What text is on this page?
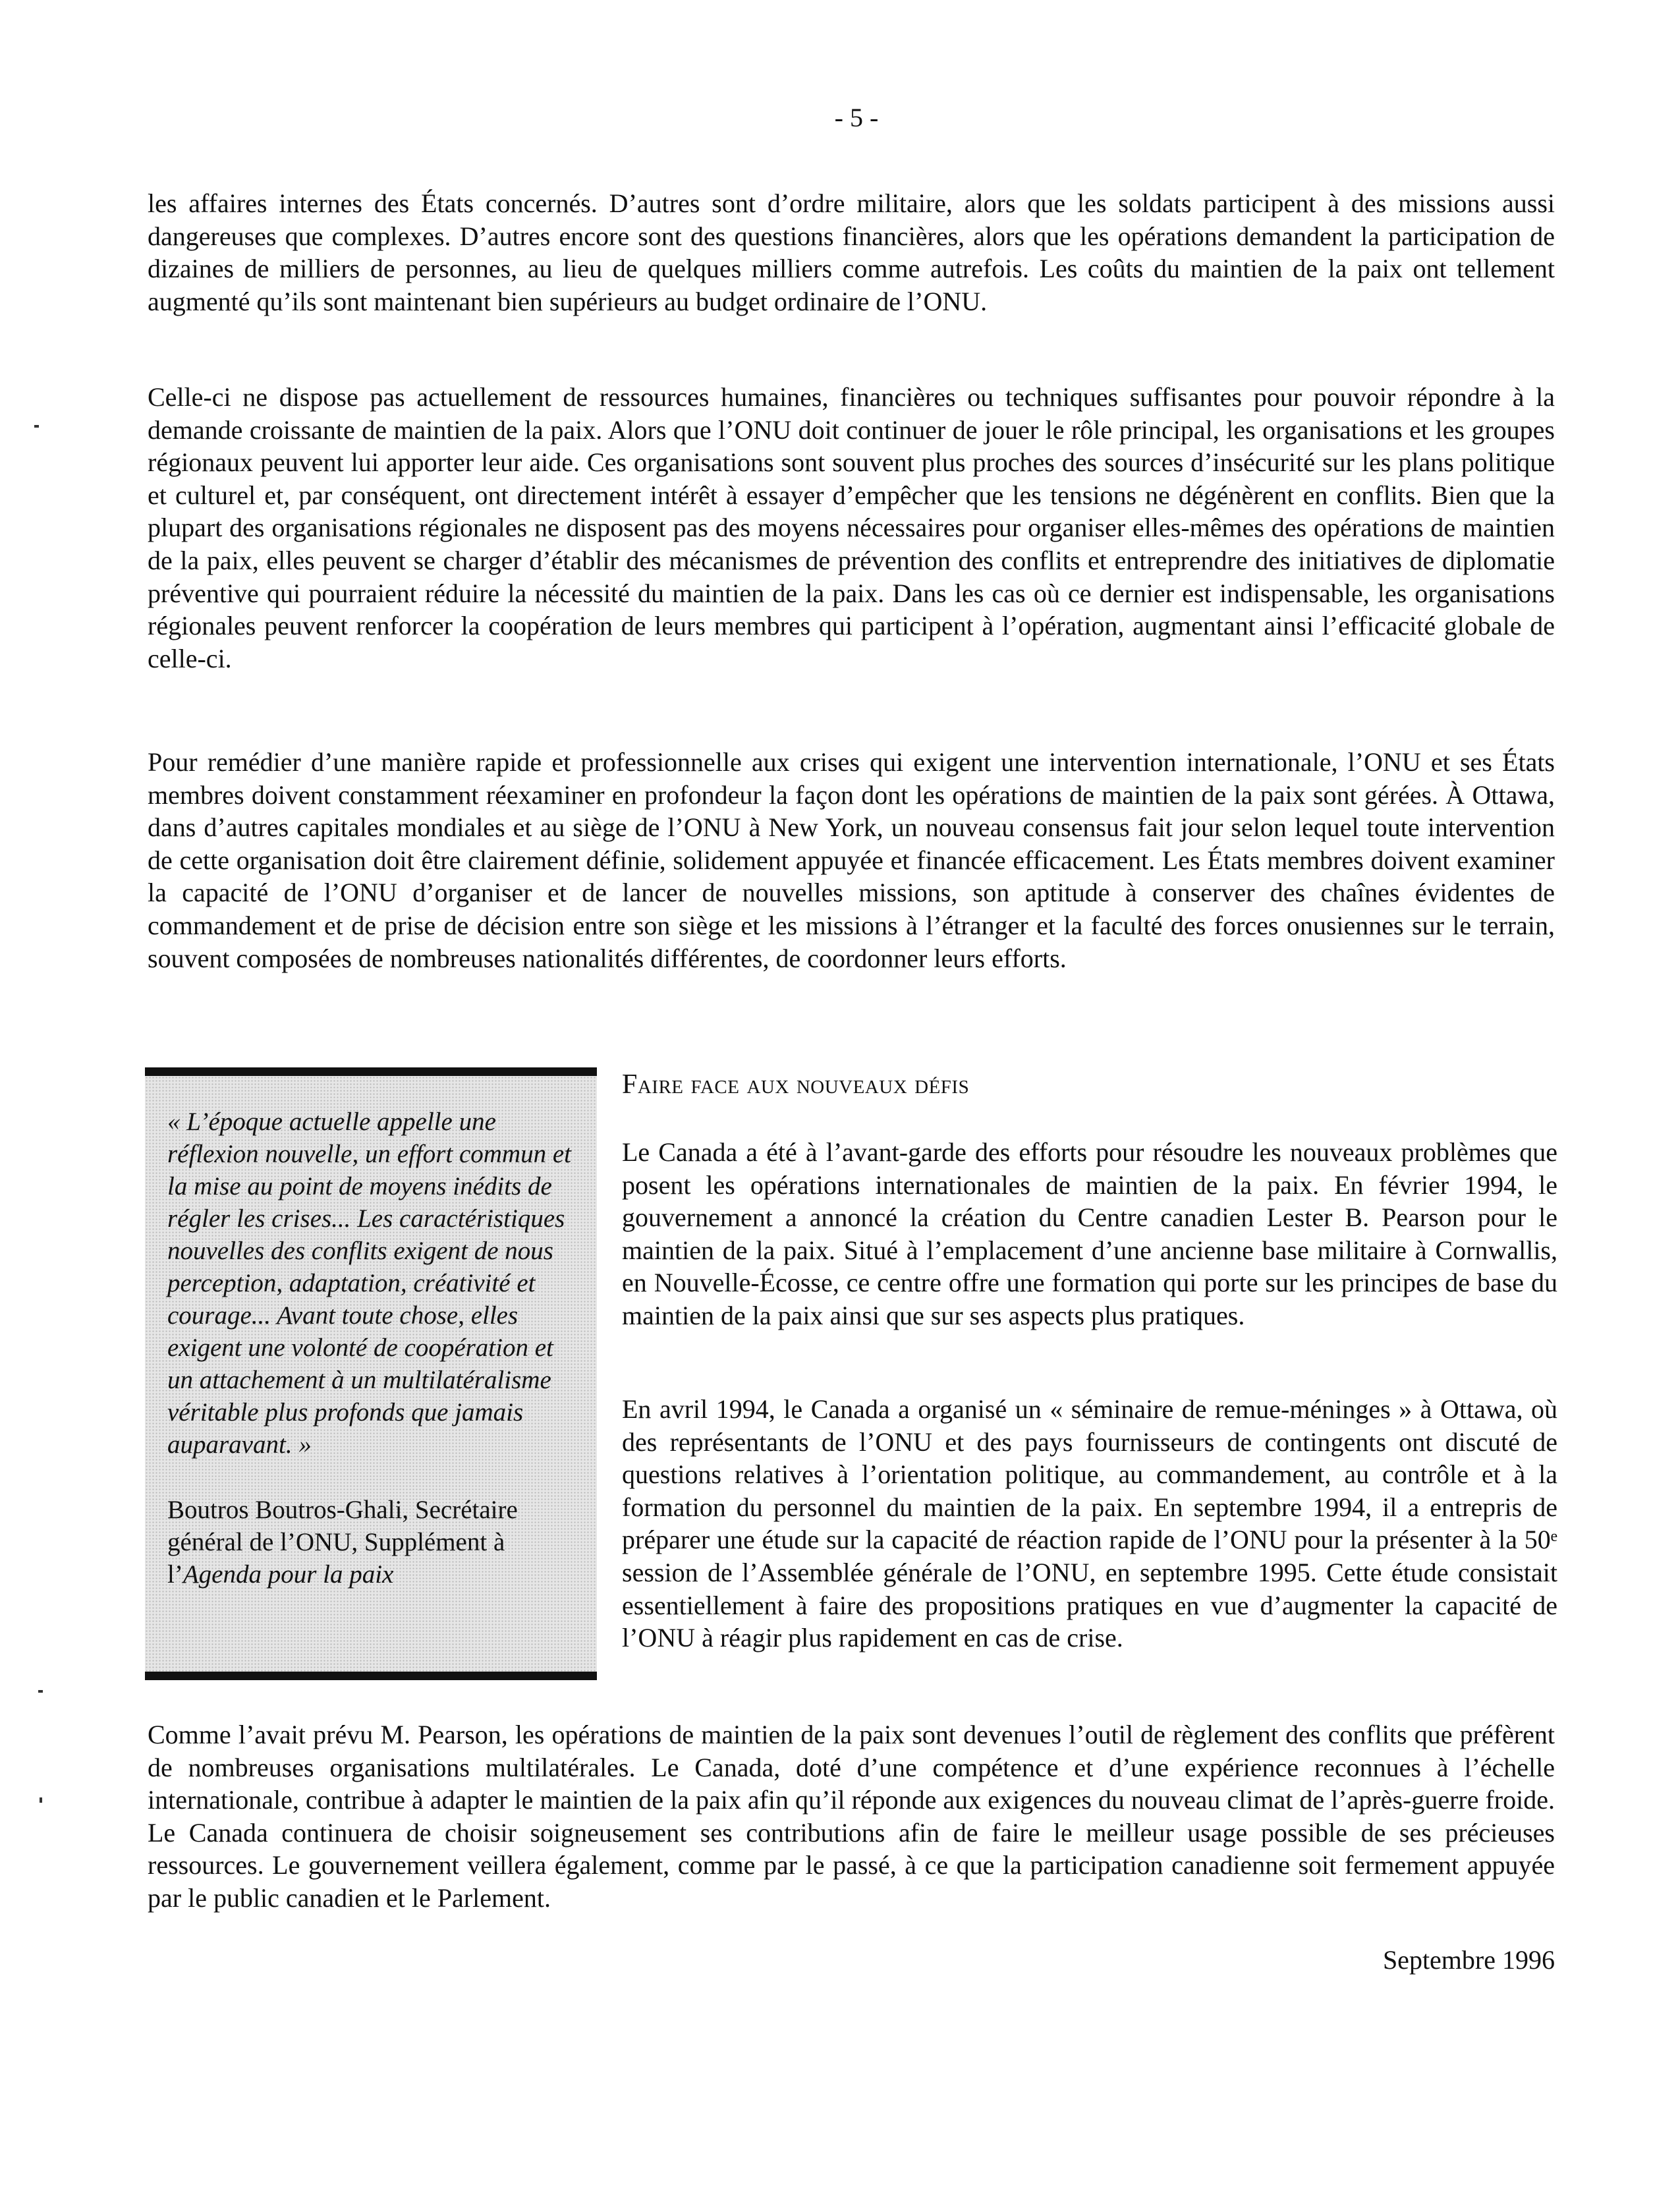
- 5 -

les affaires internes des États concernés. D’autres sont d’ordre militaire, alors que les soldats participent à des missions aussi dangereuses que complexes. D’autres encore sont des questions financières, alors que les opérations demandent la participation de dizaines de milliers de personnes, au lieu de quelques milliers comme autrefois. Les coûts du maintien de la paix ont tellement augmenté qu’ils sont maintenant bien supérieurs au budget ordinaire de l’ONU.

Celle-ci ne dispose pas actuellement de ressources humaines, financières ou techniques suffisantes pour pouvoir répondre à la demande croissante de maintien de la paix. Alors que l’ONU doit continuer de jouer le rôle principal, les organisations et les groupes régionaux peuvent lui apporter leur aide. Ces organisations sont souvent plus proches des sources d’insécurité sur les plans politique et culturel et, par conséquent, ont directement intérêt à essayer d’empêcher que les tensions ne dégénèrent en conflits. Bien que la plupart des organisations régionales ne disposent pas des moyens nécessaires pour organiser elles-mêmes des opérations de maintien de la paix, elles peuvent se charger d’établir des mécanismes de prévention des conflits et entreprendre des initiatives de diplomatie préventive qui pourraient réduire la nécessité du maintien de la paix. Dans les cas où ce dernier est indispensable, les organisations régionales peuvent renforcer la coopération de leurs membres qui participent à l’opération, augmentant ainsi l’efficacité globale de celle-ci.

Pour remédier d’une manière rapide et professionnelle aux crises qui exigent une intervention internationale, l’ONU et ses États membres doivent constamment réexaminer en profondeur la façon dont les opérations de maintien de la paix sont gérées. À Ottawa, dans d’autres capitales mondiales et au siège de l’ONU à New York, un nouveau consensus fait jour selon lequel toute intervention de cette organisation doit être clairement définie, solidement appuyée et financée efficacement. Les États membres doivent examiner la capacité de l’ONU d’organiser et de lancer de nouvelles missions, son aptitude à conserver des chaînes évidentes de commandement et de prise de décision entre son siège et les missions à l’étranger et la faculté des forces onusiennes sur le terrain, souvent composées de nombreuses nationalités différentes, de coordonner leurs efforts.

« L’époque actuelle appelle une réflexion nouvelle, un effort commun et la mise au point de moyens inédits de régler les crises... Les caractéristiques nouvelles des conflits exigent de nous perception, adaptation, créativité et courage... Avant toute chose, elles exigent une volonté de coopération et un attachement à un multilatéralisme véritable plus profonds que jamais auparavant. »

Boutros Boutros-Ghali, Secrétaire général de l’ONU, Supplément à l’Agenda pour la paix

Faire face aux nouveaux défis

Le Canada a été à l’avant-garde des efforts pour résoudre les nouveaux problèmes que posent les opérations internationales de maintien de la paix. En février 1994, le gouvernement a annoncé la création du Centre canadien Lester B. Pearson pour le maintien de la paix. Situé à l’emplacement d’une ancienne base militaire à Cornwallis, en Nouvelle-Écosse, ce centre offre une formation qui porte sur les principes de base du maintien de la paix ainsi que sur ses aspects plus pratiques.

En avril 1994, le Canada a organisé un « séminaire de remue-méninges » à Ottawa, où des représentants de l’ONU et des pays fournisseurs de contingents ont discuté de questions relatives à l’orientation politique, au commandement, au contrôle et à la formation du personnel du maintien de la paix. En septembre 1994, il a entrepris de préparer une étude sur la capacité de réaction rapide de l’ONU pour la présenter à la 50ᵉ session de l’Assemblée générale de l’ONU, en septembre 1995. Cette étude consistait essentiellement à faire des propositions pratiques en vue d’augmenter la capacité de l’ONU à réagir plus rapidement en cas de crise.

Comme l’avait prévu M. Pearson, les opérations de maintien de la paix sont devenues l’outil de règlement des conflits que préfèrent de nombreuses organisations multilatérales. Le Canada, doté d’une compétence et d’une expérience reconnues à l’échelle internationale, contribue à adapter le maintien de la paix afin qu’il réponde aux exigences du nouveau climat de l’après-guerre froide. Le Canada continuera de choisir soigneusement ses contributions afin de faire le meilleur usage possible de ses précieuses ressources. Le gouvernement veillera également, comme par le passé, à ce que la participation canadienne soit fermement appuyée par le public canadien et le Parlement.

Septembre 1996
